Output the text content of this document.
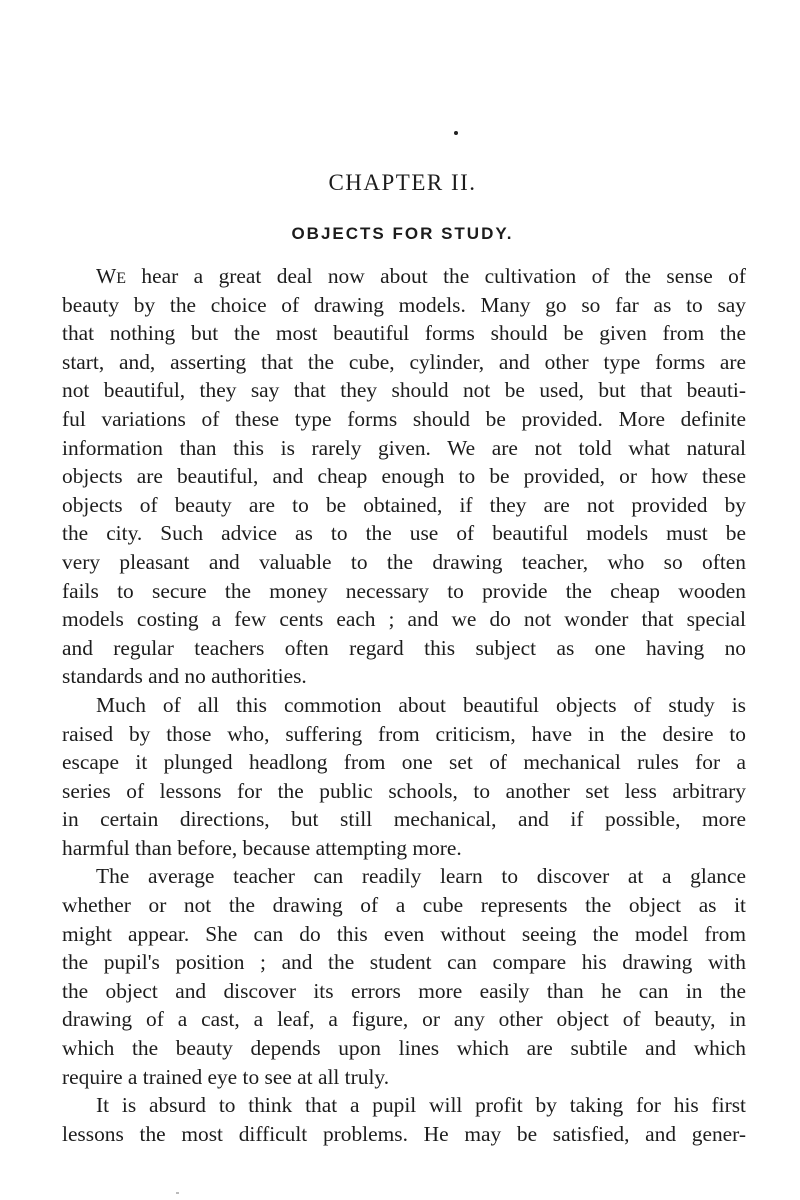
CHAPTER II.
OBJECTS FOR STUDY.
WE hear a great deal now about the cultivation of the sense of
beauty by the choice of drawing models. Many go so far as to say
that nothing but the most beautiful forms should be given from the
start, and, asserting that the cube, cylinder, and other type forms are
not beautiful, they say that they should not be used, but that beauti-
ful variations of these type forms should be provided. More definite
information than this is rarely given. We are not told what natural
objects are beautiful, and cheap enough to be provided, or how these
objects of beauty are to be obtained, if they are not provided by
the city. Such advice as to the use of beautiful models must be
very pleasant and valuable to the drawing teacher, who so often
fails to secure the money necessary to provide the cheap wooden
models costing a few cents each ; and we do not wonder that special
and regular teachers often regard this subject as one having no
standards and no authorities.
Much of all this commotion about beautiful objects of study is
raised by those who, suffering from criticism, have in the desire to
escape it plunged headlong from one set of mechanical rules for a
series of lessons for the public schools, to another set less arbitrary
in certain directions, but still mechanical, and if possible, more
harmful than before, because attempting more.
The average teacher can readily learn to discover at a glance
whether or not the drawing of a cube represents the object as it
might appear. She can do this even without seeing the model from
the pupil's position ; and the student can compare his drawing with
the object and discover its errors more easily than he can in the
drawing of a cast, a leaf, a figure, or any other object of beauty, in
which the beauty depends upon lines which are subtile and which
require a trained eye to see at all truly.
It is absurd to think that a pupil will profit by taking for his first
lessons the most difficult problems. He may be satisfied, and gener-
